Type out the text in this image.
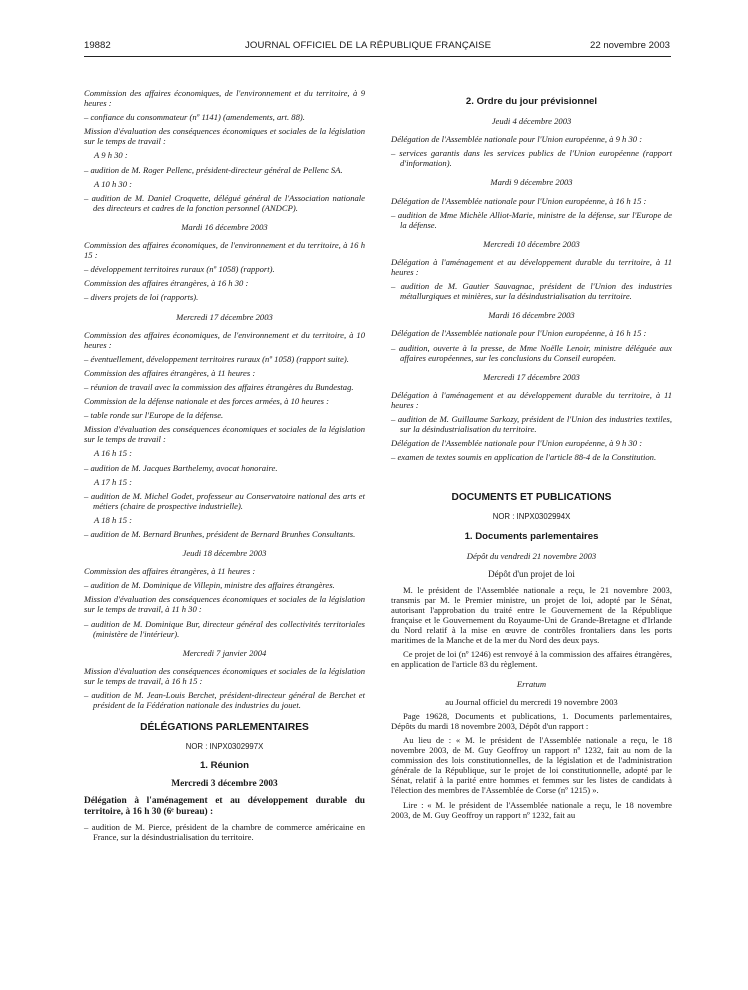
19882	JOURNAL OFFICIEL DE LA RÉPUBLIQUE FRANÇAISE	22 novembre 2003

Commission des affaires économiques, de l'environnement et du territoire, à 9 heures :

– confiance du consommateur (nº 1141) (amendements, art. 88).

Mission d'évaluation des conséquences économiques et sociales de la législation sur le temps de travail :

A 9 h 30 :

– audition de M. Roger Pellenc, président-directeur général de Pellenc SA.

A 10 h 30 :

– audition de M. Daniel Croquette, délégué général de l'Association nationale des directeurs et cadres de la fonction personnel (ANDCP).

Mardi 16 décembre 2003

Commission des affaires économiques, de l'environnement et du territoire, à 16 h 15 :

– développement territoires ruraux (nº 1058) (rapport).

Commission des affaires étrangères, à 16 h 30 :

– divers projets de loi (rapports).

Mercredi 17 décembre 2003

Commission des affaires économiques, de l'environnement et du territoire, à 10 heures :

– éventuellement, développement territoires ruraux (nº 1058) (rapport suite).

Commission des affaires étrangères, à 11 heures :

– réunion de travail avec la commission des affaires étrangères du Bundestag.

Commission de la défense nationale et des forces armées, à 10 heures :

– table ronde sur l'Europe de la défense.

Mission d'évaluation des conséquences économiques et sociales de la législation sur le temps de travail :

A 16 h 15 :

– audition de M. Jacques Barthelemy, avocat honoraire.

A 17 h 15 :

– audition de M. Michel Godet, professeur au Conservatoire national des arts et métiers (chaire de prospective industrielle).

A 18 h 15 :

– audition de M. Bernard Brunhes, président de Bernard Brunhes Consultants.

Jeudi 18 décembre 2003

Commission des affaires étrangères, à 11 heures :

– audition de M. Dominique de Villepin, ministre des affaires étrangères.

Mission d'évaluation des conséquences économiques et sociales de la législation sur le temps de travail, à 11 h 30 :

– audition de M. Dominique Bur, directeur général des collectivités territoriales (ministère de l'intérieur).

Mercredi 7 janvier 2004

Mission d'évaluation des conséquences économiques et sociales de la législation sur le temps de travail, à 16 h 15 :

– audition de M. Jean-Louis Berchet, président-directeur général de Berchet et président de la Fédération nationale des industries du jouet.

DÉLÉGATIONS PARLEMENTAIRES

NOR : INPX0302997X

1. Réunion

Mercredi 3 décembre 2003

Délégation à l'aménagement et au développement durable du territoire, à 16 h 30 (6ᵉ bureau) :

– audition de M. Pierce, président de la chambre de commerce américaine en France, sur la désindustrialisation du territoire.

2. Ordre du jour prévisionnel

Jeudi 4 décembre 2003

Délégation de l'Assemblée nationale pour l'Union européenne, à 9 h 30 :

– services garantis dans les services publics de l'Union européenne (rapport d'information).

Mardi 9 décembre 2003

Délégation de l'Assemblée nationale pour l'Union européenne, à 16 h 15 :

– audition de Mme Michèle Alliot-Marie, ministre de la défense, sur l'Europe de la défense.

Mercredi 10 décembre 2003

Délégation à l'aménagement et au développement durable du territoire, à 11 heures :

– audition de M. Gautier Sauvagnac, président de l'Union des industries métallurgiques et minières, sur la désindustrialisation du territoire.

Mardi 16 décembre 2003

Délégation de l'Assemblée nationale pour l'Union européenne, à 16 h 15 :

– audition, ouverte à la presse, de Mme Noëlle Lenoir, ministre déléguée aux affaires européennes, sur les conclusions du Conseil européen.

Mercredi 17 décembre 2003

Délégation à l'aménagement et au développement durable du territoire, à 11 heures :

– audition de M. Guillaume Sarkozy, président de l'Union des industries textiles, sur la désindustrialisation du territoire.

Délégation de l'Assemblée nationale pour l'Union européenne, à 9 h 30 :

– examen de textes soumis en application de l'article 88-4 de la Constitution.

DOCUMENTS ET PUBLICATIONS

NOR : INPX0302994X

1. Documents parlementaires

Dépôt du vendredi 21 novembre 2003

Dépôt d'un projet de loi

M. le président de l'Assemblée nationale a reçu, le 21 novembre 2003, transmis par M. le Premier ministre, un projet de loi, adopté par le Sénat, autorisant l'approbation du traité entre le Gouvernement de la République française et le Gouvernement du Royaume-Uni de Grande-Bretagne et d'Irlande du Nord relatif à la mise en œuvre de contrôles frontaliers dans les ports maritimes de la Manche et de la mer du Nord des deux pays.

Ce projet de loi (nº 1246) est renvoyé à la commission des affaires étrangères, en application de l'article 83 du règlement.

Erratum

au Journal officiel du mercredi 19 novembre 2003

Page 19628, Documents et publications, 1. Documents parlementaires, Dépôts du mardi 18 novembre 2003, Dépôt d'un rapport :

Au lieu de : « M. le président de l'Assemblée nationale a reçu, le 18 novembre 2003, de M. Guy Geoffroy un rapport nº 1232, fait au nom de la commission des lois constitutionnelles, de la législation et de l'administration générale de la République, sur le projet de loi constitutionnelle, adopté par le Sénat, relatif à la parité entre hommes et femmes sur les listes de candidats à l'élection des membres de l'Assemblée de Corse (nº 1215) ».

Lire : « M. le président de l'Assemblée nationale a reçu, le 18 novembre 2003, de M. Guy Geoffroy un rapport nº 1232, fait au
